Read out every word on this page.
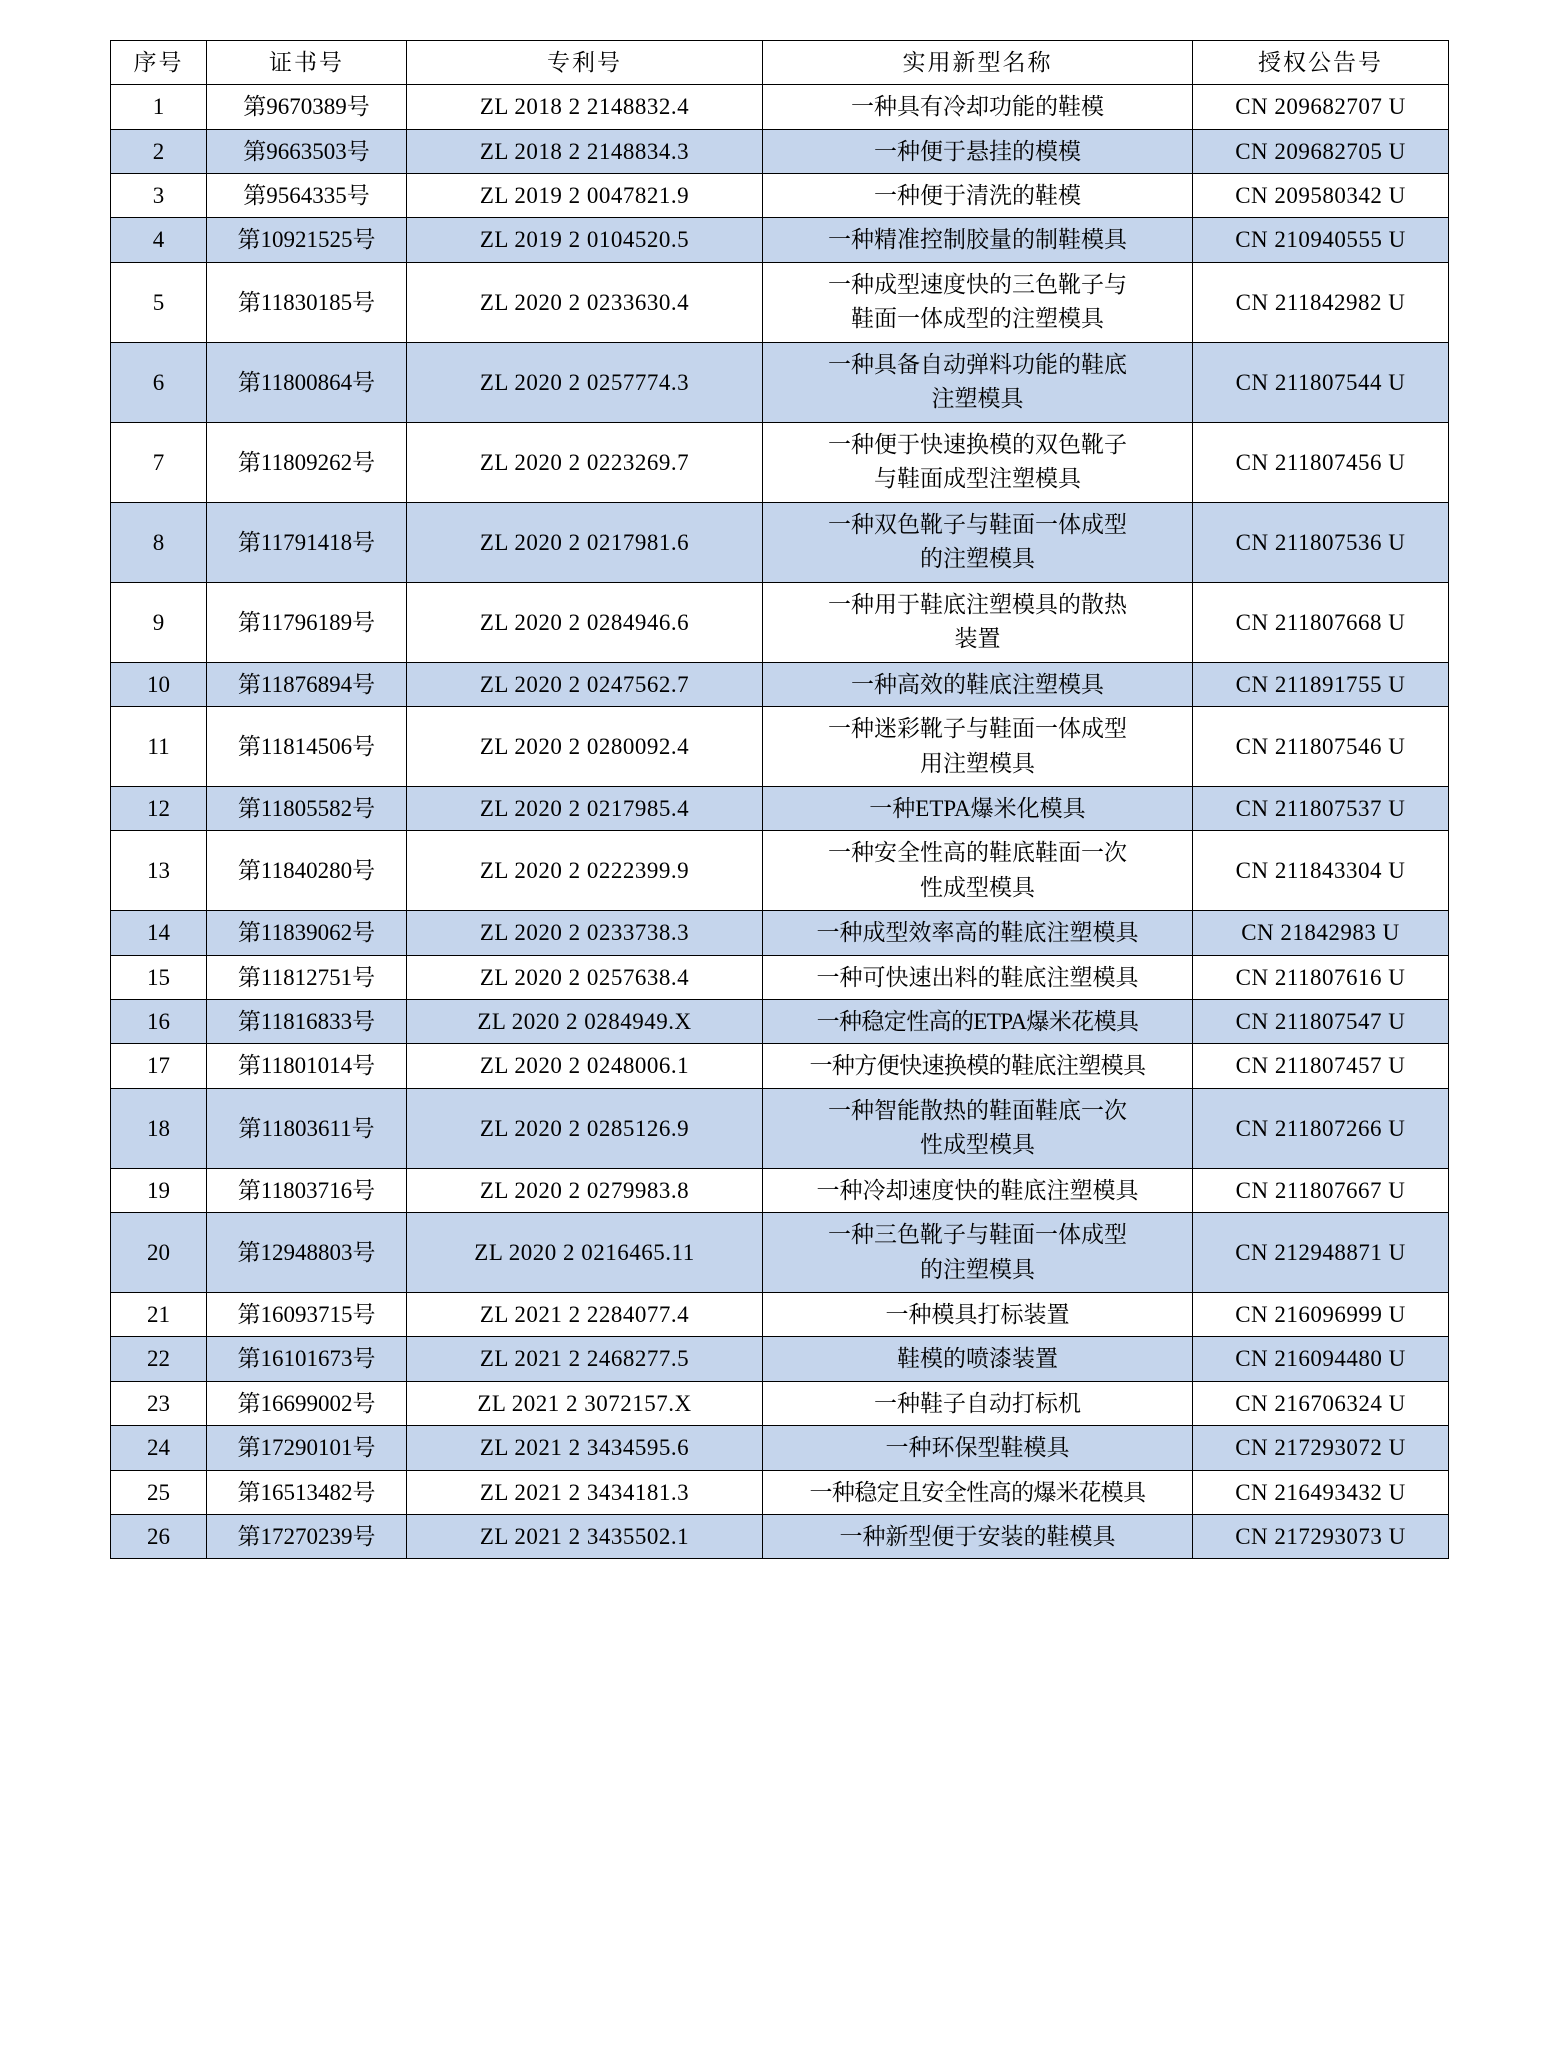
序号	证书号	专利号	实用新型名称	授权公告号
1	第9670389号	ZL 2018 2 2148832.4	一种具有冷却功能的鞋模	CN 209682707 U
2	第9663503号	ZL 2018 2 2148834.3	一种便于悬挂的模模	CN 209682705 U
3	第9564335号	ZL 2019 2 0047821.9	一种便于清洗的鞋模	CN 209580342 U
4	第10921525号	ZL 2019 2 0104520.5	一种精准控制胶量的制鞋模具	CN 210940555 U
5	第11830185号	ZL 2020 2 0233630.4	一种成型速度快的三色靴子与
鞋面一体成型的注塑模具	CN 211842982 U
6	第11800864号	ZL 2020 2 0257774.3	一种具备自动弹料功能的鞋底
注塑模具	CN 211807544 U
7	第11809262号	ZL 2020 2 0223269.7	一种便于快速换模的双色靴子
与鞋面成型注塑模具	CN 211807456 U
8	第11791418号	ZL 2020 2 0217981.6	一种双色靴子与鞋面一体成型
的注塑模具	CN 211807536 U
9	第11796189号	ZL 2020 2 0284946.6	一种用于鞋底注塑模具的散热
装置	CN 211807668 U
10	第11876894号	ZL 2020 2 0247562.7	一种高效的鞋底注塑模具	CN 211891755 U
11	第11814506号	ZL 2020 2 0280092.4	一种迷彩靴子与鞋面一体成型
用注塑模具	CN 211807546 U
12	第11805582号	ZL 2020 2 0217985.4	一种ETPA爆米化模具	CN 211807537 U
13	第11840280号	ZL 2020 2 0222399.9	一种安全性高的鞋底鞋面一次
性成型模具	CN 211843304 U
14	第11839062号	ZL 2020 2 0233738.3	一种成型效率高的鞋底注塑模具	CN 21842983 U
15	第11812751号	ZL 2020 2 0257638.4	一种可快速出料的鞋底注塑模具	CN 211807616 U
16	第11816833号	ZL 2020 2 0284949.X	一种稳定性高的ETPA爆米花模具	CN 211807547 U
17	第11801014号	ZL 2020 2 0248006.1	一种方便快速换模的鞋底注塑模具	CN 211807457 U
18	第11803611号	ZL 2020 2 0285126.9	一种智能散热的鞋面鞋底一次
性成型模具	CN 211807266 U
19	第11803716号	ZL 2020 2 0279983.8	一种冷却速度快的鞋底注塑模具	CN 211807667 U
20	第12948803号	ZL 2020 2 0216465.11	一种三色靴子与鞋面一体成型
的注塑模具	CN 212948871 U
21	第16093715号	ZL 2021 2 2284077.4	一种模具打标装置	CN 216096999 U
22	第16101673号	ZL 2021 2 2468277.5	鞋模的喷漆装置	CN 216094480 U
23	第16699002号	ZL 2021 2 3072157.X	一种鞋子自动打标机	CN 216706324 U
24	第17290101号	ZL 2021 2 3434595.6	一种环保型鞋模具	CN 217293072 U
25	第16513482号	ZL 2021 2 3434181.3	一种稳定且安全性高的爆米花模具	CN 216493432 U
26	第17270239号	ZL 2021 2 3435502.1	一种新型便于安装的鞋模具	CN 217293073 U
